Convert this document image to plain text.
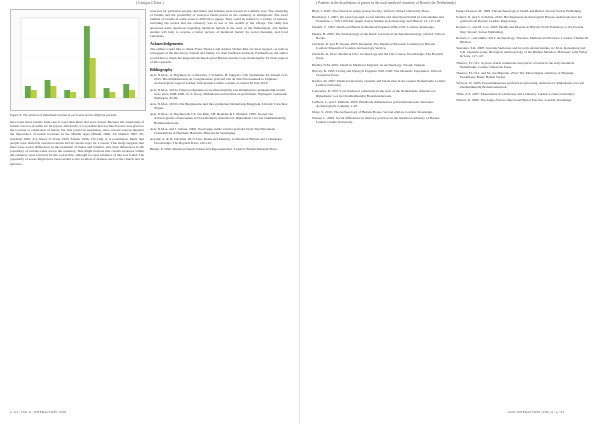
( Cartigoa L'Eaux )	( Patterns in the distribution of graves in the rural medieval cemetery of Bornel, the Netherlands )
Figure 8. The amount of individuals buried in each zone across different periods.

have been more burials from east to west than there that were found. Because the orientation of burials was not possible for all graves. Obviously, it is possible that not much notice was given to the location or orientation of burial. Yet, this would be surprising, since several sources mention the importance of burial locations in the Middle Ages (Binski 1996, 34; Daniell 1997, 95; Gilchrist 1995, 4-5; Rules of Trade 1995; Tanner 1996, 155-156). It is nonetheless likely that people were buried in certain locations and in certain ways for a reason. This study suggests that there were social differences in the treatment of males and females, and clear differences in the popularity of certain zones across the cemetery. This might indicate that certain locations within the cemetery were reserved for the social elite, although no clear evidence of this was found. The popularity of zones might have been related to the location of features such as the church and its entrance.

reserved for particular people, and males and females were treated in a similar way. The clustering of burials and the possibility of reserved burial places in the cemetery is ambiguous. The exact number of burials in some zones is difficult to gauge. They could be related to a variety of reasons, including the period that the cemetery was in use or the wealth of the village. The study has answered some questions regarding medieval burials in the west of the Netherlands, and further studies will help to acquire a better picture of medieval burial: its social meaning, and local variations.

Acknowledgements

The author would like to thank Frans Theuws and Andrea Waters-Rist for their support, as well as colleagues at the laboratory, friends and family, for their feedback and help. Furthermore, the author would like to thank the Regional Archaeological Bureau and the Goes municipality for their support of this research.

Bibliography

Aris, N.M.A., A. Hayhurst, K. Lomachev, J. Scheffer, H. Snippert, J.M. Vermeulen, M. Zanetti et al. 2015. Het middeleeuwse en vroegmoderne grafveld van de Sint Nicolaaskerk te Jutphaas. Archeologisch rapport Leiden: Universiteit Leiden. Leiden, accessed 30 July 2016.

Aris, N.M.A. 2013a. Dagvoorafgaande en Grafbeschrijving van middeleeuws gemeentelijk terrein in de jaren 1998-1999, in: P. Stoop, Middeleeuwse burchten en grafvelden, Nijmegen: Gemeente Nijmegen, 45-60.

Aris, N.M.A. 2013b. Die Burgkapelle und ihre grafkarten Oudenburg-Burgplein, Utrecht: Utrechtse Nisjen.

Aris, N.M.A., A. Hayhurst & T.F. van Dijk, J.H. Beunder & J. Mallens. 1990. Sporen van archeologische onderzoeken in Noordholland, Amersfoort: Rijksdienst voor het Oudheidkundig Bodemonderzoek.

Aris, N.M.A. and J. Schuer. 2006. Voorlopige studie van het grafveld bij de Sint-Bavokerk. Culturaliteits in Haarlem, Haarlem: Historische Vereniging.

Aryanti, A. & D. Gilchrist. 2015. Life, Death and Memory, in Medieval Burials and Cemeteries, Woodbridge: The Boydell Press, 120-145.

Binski, P. 1996. Medieval Death: Ritual and Representation. London: British Museum Press.

Blair, J. 2005. The Church in Anglo-Saxon Society. Oxford: Oxford University Press.

Buckberry, J. 2007. On sacred ground: social identity and churchyard burial in Lincolnshire and Yorkshire, c. 700-1100 AD. Anglo-Saxon Studies in Archaeology and History 14, 117-129.

Daniell, C. 1997. Death and Burial in Medieval England 1066-1550. London: Routledge.

Duday, H. 2009. The Archaeology of the Dead: Lectures in Archaeothanatology. Oxford: Oxbow Books.

Gilchrist, R. and B. Sloane. 2005. Requiem: The Medieval Monastic Cemetery in Britain. London: Museum of London Archaeology Service.

Gilchrist, R. 2012. Medieval Life: Archaeology and the Life Course. Woodbridge: The Boydell Press.

Hadley, D.M. 2001. Death in Medieval England: an Archaeology. Stroud: Tempus.

Harvey, B. 1993. Living and Dying in England 1100-1540: The Monastic Experience. Oxford: Clarendon Press.

Kieffer, M. 2007. Medieval mortuary customs and burial rites in the eastern Netherlands. Leiden: Leiden University.

Lauwerier, R. 1997. Late medieval cemeteries in the west of the Netherlands. Amersfoort: Rijksdienst voor het Oudheidkundig Bodemonderzoek.

Lubbers, L. and J. Mallens. 2003. Handboek middeleeuws grafveldonderzoek. Deventer: Archeologisch Centrum, 1-56.

Mays, S. 2010. The Archaeology of Human Bones. Second edition. London: Routledge.

Naeser, C. 2009. Social differences in funerary practices in the medieval cemetery of Bornel. Leiden: Leiden University.

Parker Pearson, M. 1999. The Archaeology of Death and Burial. Stroud: Sutton Publishing.

Pollard, N. and S. Scholten. 2010. Het Regionaal Archeologisch Bureau onderzoek naar het grafveld van Bornel. Leiden: Rapportage.

Roberts, C. and M. Cox. 2003. Health and Disease in Britain: From Prehistory to the Present Day. Stroud: Sutton Publishing.

Roberts, C. and Ohma. 2013. Archaeology, Theories, Methods and Practice. London: Thames & Hudson.

Saunders, S.R. 2008. Juvenile Skeletons and Growth-related studies, in: M.A. Katzenberg and S.R. Saunders (eds), Biological Anthropology of the Human Skeleton. Hoboken: John Wiley & Sons, 117-147.

Theuws, F.C.W.J. in press. Rural cemeteries and places of burial in the early medieval Netherlands. Leiden: Sidestone Press.

Theuws, F.C.W.J. and M. van Haperen. 2012. The Merovingian cemetery of Bergeijk-Fazantlaan. Bonn: Habelt Verlag.

Verwers, W. 1993. Een middeleeuws grafveld en bewoning. Amersfoort: Rijksdienst voor het Oudheidkundig Bodemonderzoek.

Thäte, E.S. 2007. Monuments in Landscape and Cemetery. Leiden: Leiden University.

Wilson, D. 1989. The Anglo-Saxon Church and Burial Practice. London: Routledge.

p. 112 | VOL.11 | INTERACTION | 2016	2016 | INTERACTION | VOL.11 | p. 113
